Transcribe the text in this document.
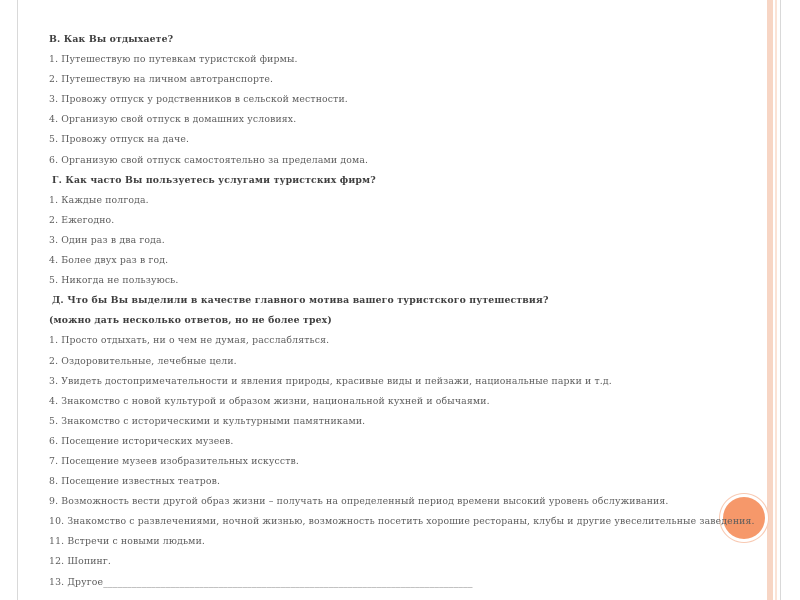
В. Как Вы отдыхаете?
1. Путешествую по путевкам туристской фирмы.
2. Путешествую на личном автотранспорте.
3. Провожу отпуск у родственников в сельской местности.
4. Организую свой отпуск в домашних условиях.
5. Провожу отпуск на даче.
6. Организую свой отпуск самостоятельно за пределами дома.
Г. Как часто Вы пользуетесь услугами туристских фирм?
1. Каждые полгода.
2. Ежегодно.
3. Один раз в два года.
4. Более двух раз в год.
5. Никогда не пользуюсь.
Д. Что бы Вы выделили в качестве главного мотива вашего туристского путешествия?
(можно дать несколько ответов, но не более трех)
1. Просто отдыхать, ни о чем не думая, расслабляться.
2. Оздоровительные, лечебные цели.
3. Увидеть достопримечательности и явления природы, красивые виды и пейзажи, национальные парки и т.д.
4. Знакомство с новой культурой и образом жизни, национальной кухней и обычаями.
5. Знакомство с историческими и культурными памятниками.
6. Посещение исторических музеев.
7. Посещение музеев изобразительных искусств.
8. Посещение известных театров.
9. Возможность вести другой образ жизни – получать на определенный период времени высокий уровень обслуживания.
10. Знакомство с развлечениями, ночной жизнью, возможность посетить хорошие рестораны, клубы и другие увеселительные заведения.
11. Встречи с новыми людьми.
12. Шопинг.
13. Другое_____________________________________________________________________________
